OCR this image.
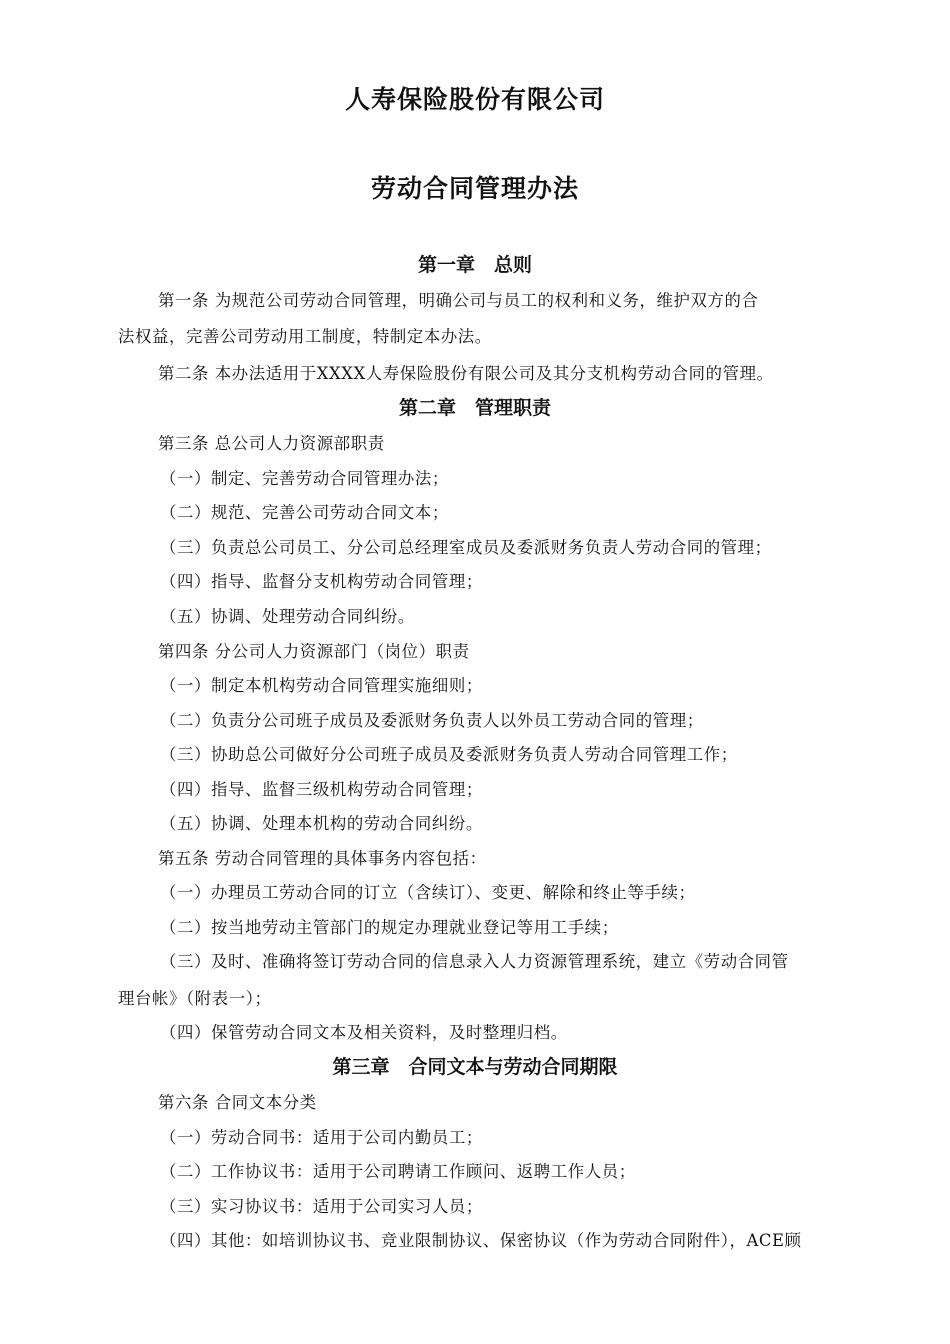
人寿保险股份有限公司
劳动合同管理办法
第一章　总则
第一条 为规范公司劳动合同管理，明确公司与员工的权利和义务，维护双方的合
法权益，完善公司劳动用工制度，特制定本办法。
第二条 本办法适用于XXXX人寿保险股份有限公司及其分支机构劳动合同的管理。
第二章　管理职责
第三条 总公司人力资源部职责
（一）制定、完善劳动合同管理办法；
（二）规范、完善公司劳动合同文本；
（三）负责总公司员工、分公司总经理室成员及委派财务负责人劳动合同的管理；
（四）指导、监督分支机构劳动合同管理；
（五）协调、处理劳动合同纠纷。
第四条 分公司人力资源部门（岗位）职责
（一）制定本机构劳动合同管理实施细则；
（二）负责分公司班子成员及委派财务负责人以外员工劳动合同的管理；
（三）协助总公司做好分公司班子成员及委派财务负责人劳动合同管理工作；
（四）指导、监督三级机构劳动合同管理；
（五）协调、处理本机构的劳动合同纠纷。
第五条 劳动合同管理的具体事务内容包括：
（一）办理员工劳动合同的订立（含续订）、变更、解除和终止等手续；
（二）按当地劳动主管部门的规定办理就业登记等用工手续；
（三）及时、准确将签订劳动合同的信息录入人力资源管理系统，建立《劳动合同管
理台帐》（附表一）；
（四）保管劳动合同文本及相关资料，及时整理归档。
第三章　合同文本与劳动合同期限
第六条 合同文本分类
（一）劳动合同书：适用于公司内勤员工；
（二）工作协议书：适用于公司聘请工作顾问、返聘工作人员；
（三）实习协议书：适用于公司实习人员；
（四）其他：如培训协议书、竞业限制协议、保密协议（作为劳动合同附件），ACE顾
